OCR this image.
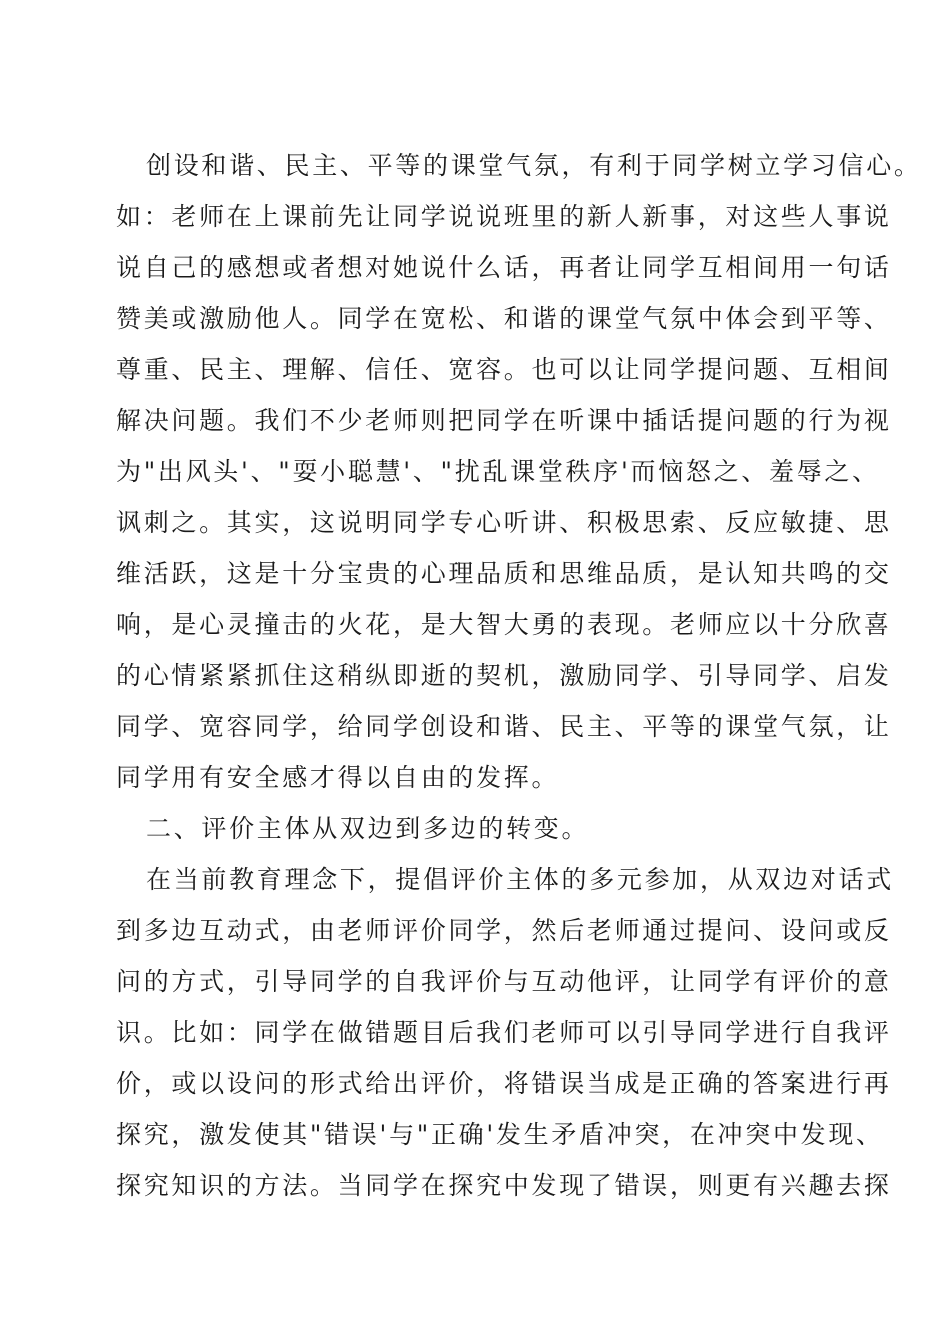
创设和谐、民主、平等的课堂气氛，有利于同学树立学习信心。
如：老师在上课前先让同学说说班里的新人新事，对这些人事说
说自己的感想或者想对她说什么话，再者让同学互相间用一句话
赞美或激励他人。同学在宽松、和谐的课堂气氛中体会到平等、
尊重、民主、理解、信任、宽容。也可以让同学提问题、互相间
解决问题。我们不少老师则把同学在听课中插话提问题的行为视
为"出风头'、"耍小聪慧'、"扰乱课堂秩序'而恼怒之、羞辱之、
讽刺之。其实，这说明同学专心听讲、积极思索、反应敏捷、思
维活跃，这是十分宝贵的心理品质和思维品质，是认知共鸣的交
响，是心灵撞击的火花，是大智大勇的表现。老师应以十分欣喜
的心情紧紧抓住这稍纵即逝的契机，激励同学、引导同学、启发
同学、宽容同学，给同学创设和谐、民主、平等的课堂气氛，让
同学用有安全感才得以自由的发挥。
二、评价主体从双边到多边的转变。
在当前教育理念下，提倡评价主体的多元参加，从双边对话式
到多边互动式，由老师评价同学，然后老师通过提问、设问或反
问的方式，引导同学的自我评价与互动他评，让同学有评价的意
识。比如：同学在做错题目后我们老师可以引导同学进行自我评
价，或以设问的形式给出评价，将错误当成是正确的答案进行再
探究，激发使其"错误'与"正确'发生矛盾冲突，在冲突中发现、
探究知识的方法。当同学在探究中发现了错误，则更有兴趣去探
